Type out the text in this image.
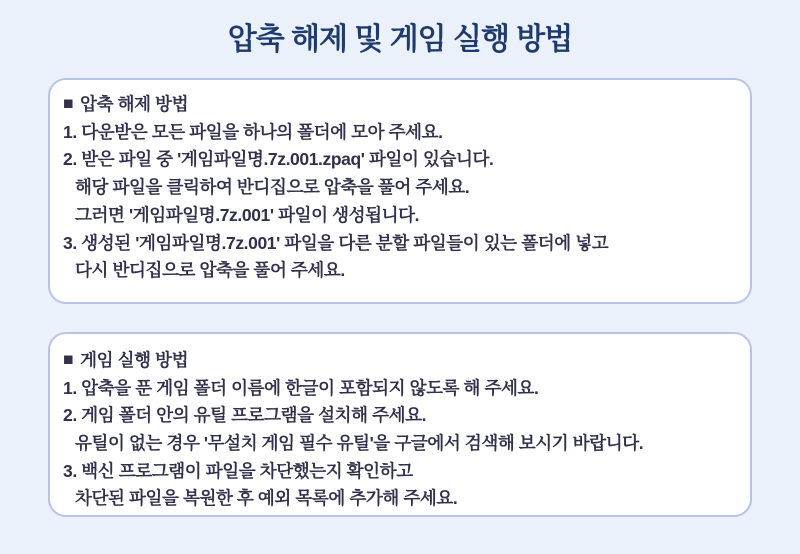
압축 해제 및 게임 실행 방법
■ 압축 해제 방법
1. 다운받은 모든 파일을 하나의 폴더에 모아 주세요.
2. 받은 파일 중 '게임파일명.7z.001.zpaq' 파일이 있습니다.
해당 파일을 클릭하여 반디집으로 압축을 풀어 주세요.
그러면 '게임파일명.7z.001' 파일이 생성됩니다.
3. 생성된 '게임파일명.7z.001' 파일을 다른 분할 파일들이 있는 폴더에 넣고
다시 반디집으로 압축을 풀어 주세요.
■ 게임 실행 방법
1. 압축을 푼 게임 폴더 이름에 한글이 포함되지 않도록 해 주세요.
2. 게임 폴더 안의 유틸 프로그램을 설치해 주세요.
유틸이 없는 경우 '무설치 게임 필수 유틸'을 구글에서 검색해 보시기 바랍니다.
3. 백신 프로그램이 파일을 차단했는지 확인하고
차단된 파일을 복원한 후 예외 목록에 추가해 주세요.
